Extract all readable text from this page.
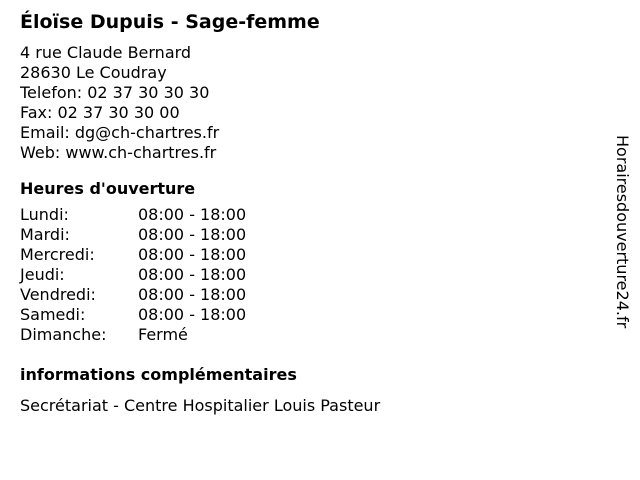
Éloïse Dupuis - Sage-femme
4 rue Claude Bernard
28630 Le Coudray
Telefon: 02 37 30 30 30
Fax: 02 37 30 30 00
Email: dg@ch-chartres.fr
Web: www.ch-chartres.fr
Heures d'ouverture
Lundi:	08:00 - 18:00
Mardi:	08:00 - 18:00
Mercredi:	08:00 - 18:00
Jeudi:	08:00 - 18:00
Vendredi:	08:00 - 18:00
Samedi:	08:00 - 18:00
Dimanche:	Fermé
informations complémentaires
Secrétariat - Centre Hospitalier Louis Pasteur
Horairesdouverture24.fr
